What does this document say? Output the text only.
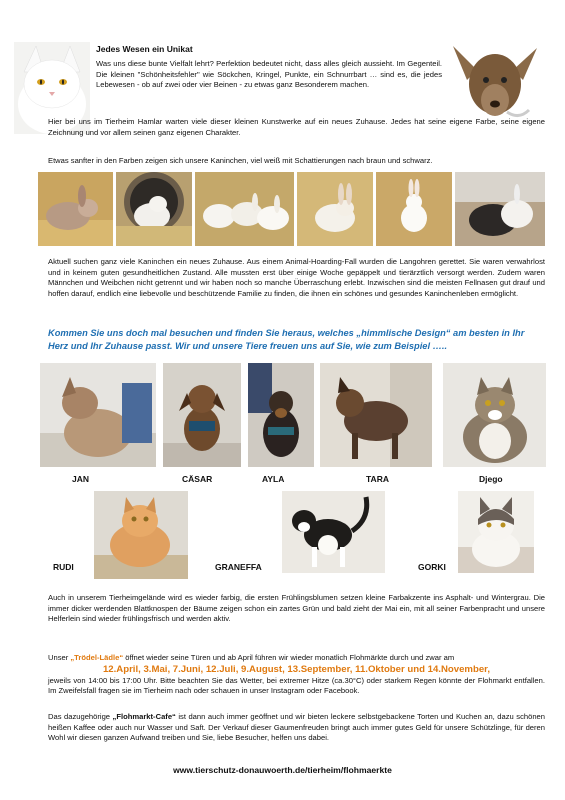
Jedes Wesen ein Unikat

Was uns diese bunte Vielfalt lehrt? Perfektion bedeutet nicht, dass alles gleich aussieht. Im Gegenteil. Die kleinen "Schönheitsfehler" wie Söckchen, Kringel, Punkte, ein Schnurrbart … sind es, die jedes Lebewesen - ob auf zwei oder vier Beinen - zu etwas ganz Besonderem machen.

Hier bei uns im Tierheim Hamlar warten viele dieser kleinen Kunstwerke auf ein neues Zuhause. Jedes hat seine eigene Farbe, seine eigene Zeichnung und vor allem seinen ganz eigenen Charakter.

Etwas sanfter in den Farben zeigen sich unsere Kaninchen, viel weiß mit Schattierungen nach braun und schwarz.

Aktuell suchen ganz viele Kaninchen ein neues Zuhause. Aus einem Animal-Hoarding-Fall wurden die Langohren gerettet. Sie waren verwahrlost und in keinem guten gesundheitlichen Zustand. Alle mussten erst über einige Woche gepäppelt und tierärztlich versorgt werden. Zudem waren Männchen und Weibchen nicht getrennt und wir haben noch so manche Überraschung erlebt. Inzwischen sind die meisten Fellnasen gut drauf und hoffen darauf, endlich eine liebevolle und beschützende Familie zu finden, die ihnen ein schönes und gesundes Kaninchenleben ermöglicht.

Kommen Sie uns doch mal besuchen und finden Sie heraus, welches „himmlische Design“ am besten in Ihr Herz und Ihr Zuhause passt. Wir und unsere Tiere freuen uns auf Sie, wie zum Beispiel …..

JAN	CÄSAR	AYLA	TARA	Djego
RUDI	GRANEFFA	GORKI

Auch in unserem Tierheimgelände wird es wieder farbig, die ersten Frühlingsblumen setzen kleine Farbakzente ins Asphalt- und Wintergrau. Die immer dicker werdenden Blattknospen der Bäume zeigen schon ein zartes Grün und bald zieht der Mai ein, mit all seiner Farbenpracht und unsere Helferlein sind wieder frühlingsfrisch und werden aktiv.

Unser „Trödel-Lädle“ öffnet wieder seine Türen und ab April führen wir wieder monatlich Flohmärkte durch und zwar am

12.April, 3.Mai, 7.Juni, 12.Juli, 9.August, 13.September, 11.Oktober und 14.November,

jeweils von 14:00 bis 17:00 Uhr. Bitte beachten Sie das Wetter, bei extremer Hitze (ca.30°C) oder starkem Regen könnte der Flohmarkt entfallen. Im Zweifelsfall fragen sie im Tierheim nach oder schauen in unser Instagram oder Facebook.

Das dazugehörige „Flohmarkt-Cafe“ ist dann auch immer geöffnet und wir bieten leckere selbstgebackene Torten und Kuchen an, dazu schönen heißen Kaffee oder auch nur Wasser und Saft. Der Verkauf dieser Gaumenfreuden bringt auch immer gutes Geld für unsere Schützlinge, für deren Wohl wir diesen ganzen Aufwand treiben und Sie, liebe Besucher, helfen uns dabei.

www.tierschutz-donauwoerth.de/tierheim/flohmaerkte
